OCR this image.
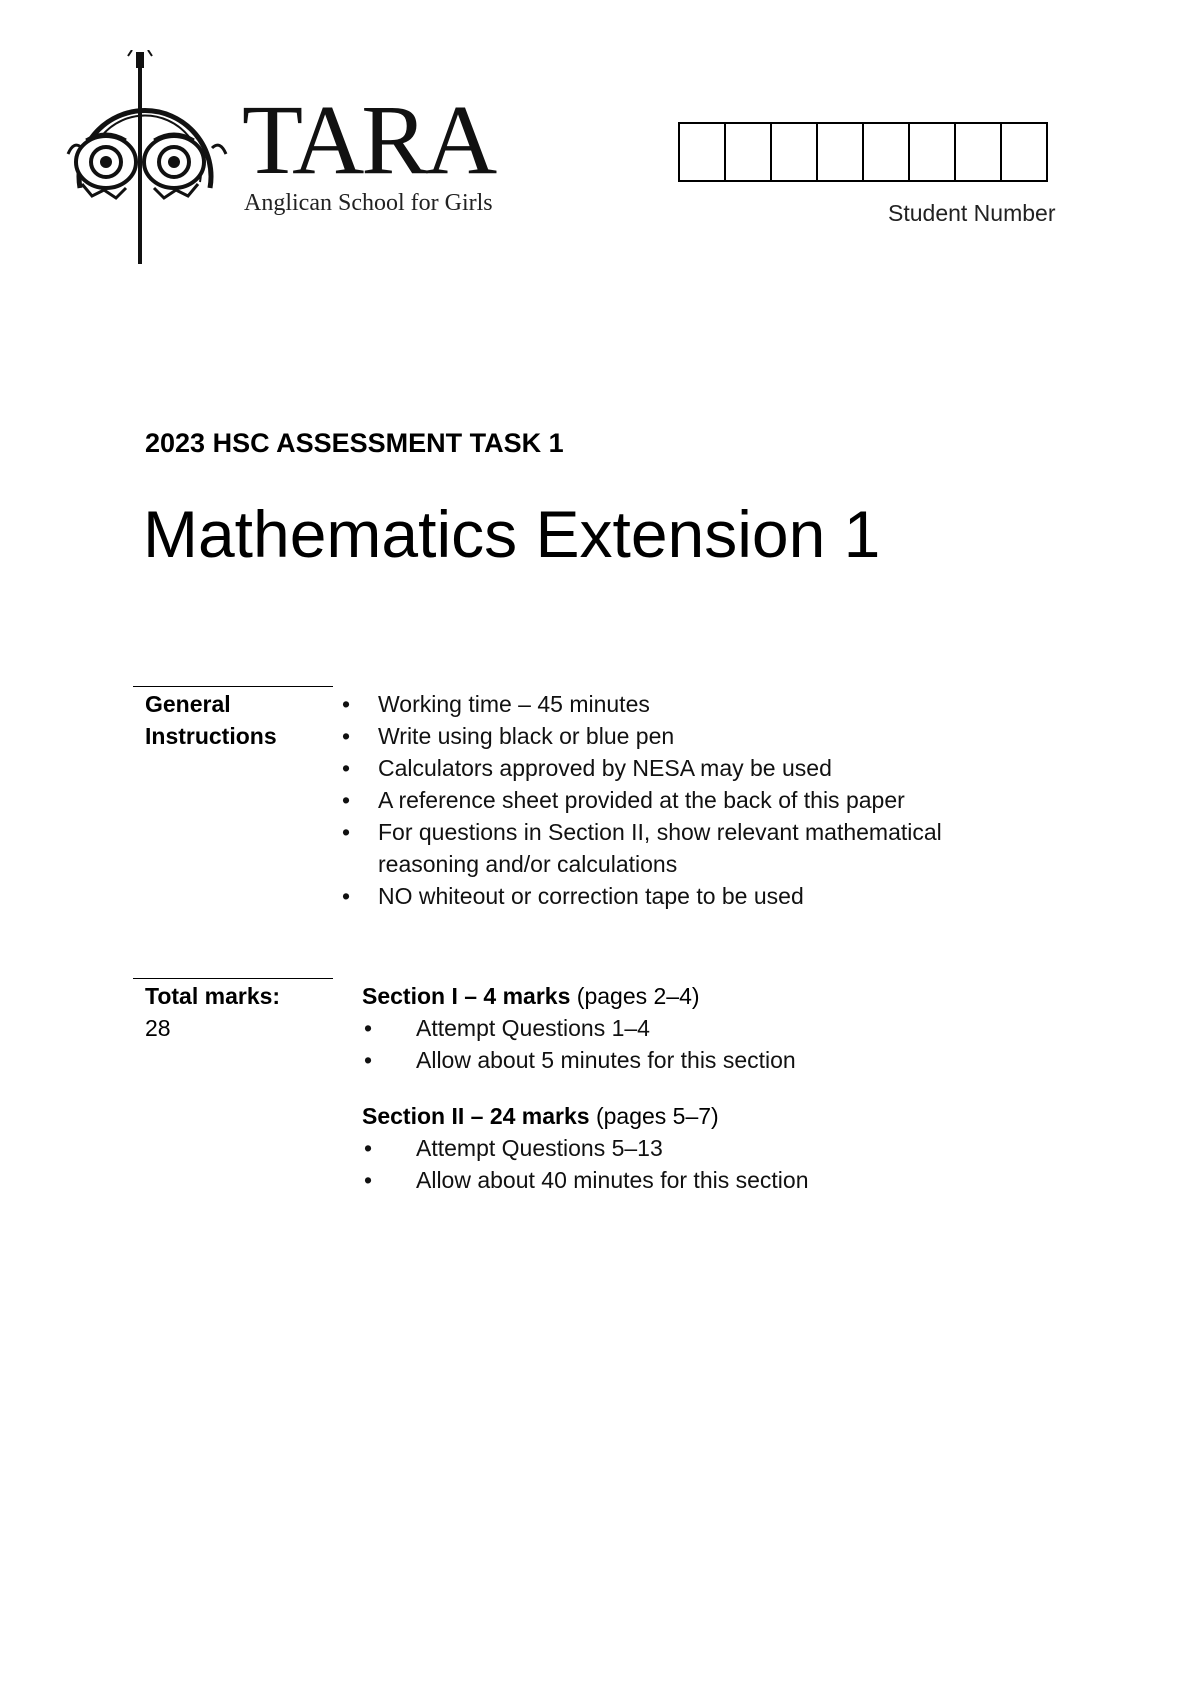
TARA
Anglican School for Girls	Student Number
2023 HSC ASSESSMENT TASK 1
Mathematics Extension 1
General
Instructions
• Working time – 45 minutes
• Write using black or blue pen
• Calculators approved by NESA may be used
• A reference sheet provided at the back of this paper
• For questions in Section II, show relevant mathematical reasoning and/or calculations
• NO whiteout or correction tape to be used
Total marks:
28
Section I – 4 marks (pages 2–4)
• Attempt Questions 1–4
• Allow about 5 minutes for this section
Section II – 24 marks (pages 5–7)
• Attempt Questions 5–13
• Allow about 40 minutes for this section
